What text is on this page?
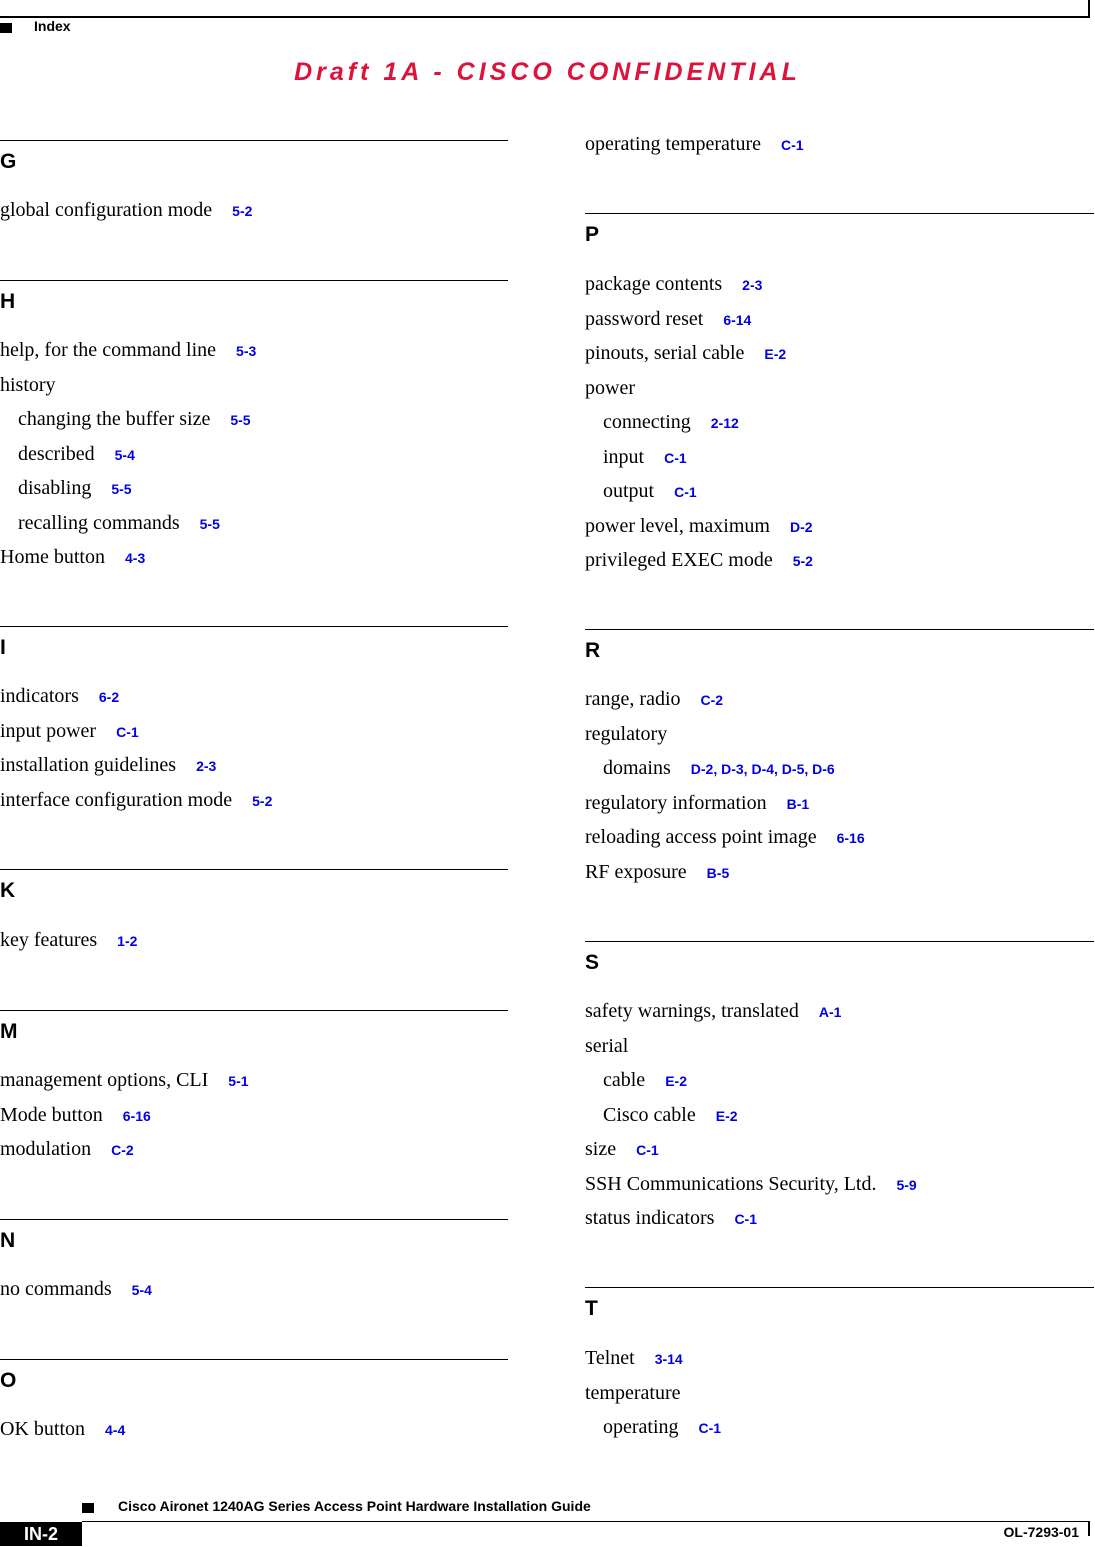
Index
Draft 1A - CISCO CONFIDENTIAL
G
global configuration mode 5-2
H
help, for the command line 5-3
history
changing the buffer size 5-5
described 5-4
disabling 5-5
recalling commands 5-5
Home button 4-3
I
indicators 6-2
input power C-1
installation guidelines 2-3
interface configuration mode 5-2
K
key features 1-2
M
management options, CLI 5-1
Mode button 6-16
modulation C-2
N
no commands 5-4
O
OK button 4-4
operating temperature C-1
P
package contents 2-3
password reset 6-14
pinouts, serial cable E-2
power
connecting 2-12
input C-1
output C-1
power level, maximum D-2
privileged EXEC mode 5-2
R
range, radio C-2
regulatory
domains D-2, D-3, D-4, D-5, D-6
regulatory information B-1
reloading access point image 6-16
RF exposure B-5
S
safety warnings, translated A-1
serial
cable E-2
Cisco cable E-2
size C-1
SSH Communications Security, Ltd. 5-9
status indicators C-1
T
Telnet 3-14
temperature
operating C-1
Cisco Aironet 1240AG Series Access Point Hardware Installation Guide
IN-2	OL-7293-01
